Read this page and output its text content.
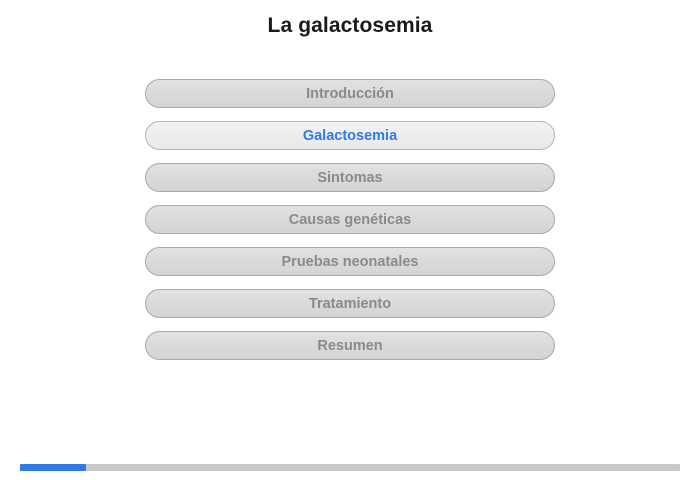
La galactosemia
Introducción
Galactosemia
Sintomas
Causas genéticas
Pruebas neonatales
Tratamiento
Resumen
